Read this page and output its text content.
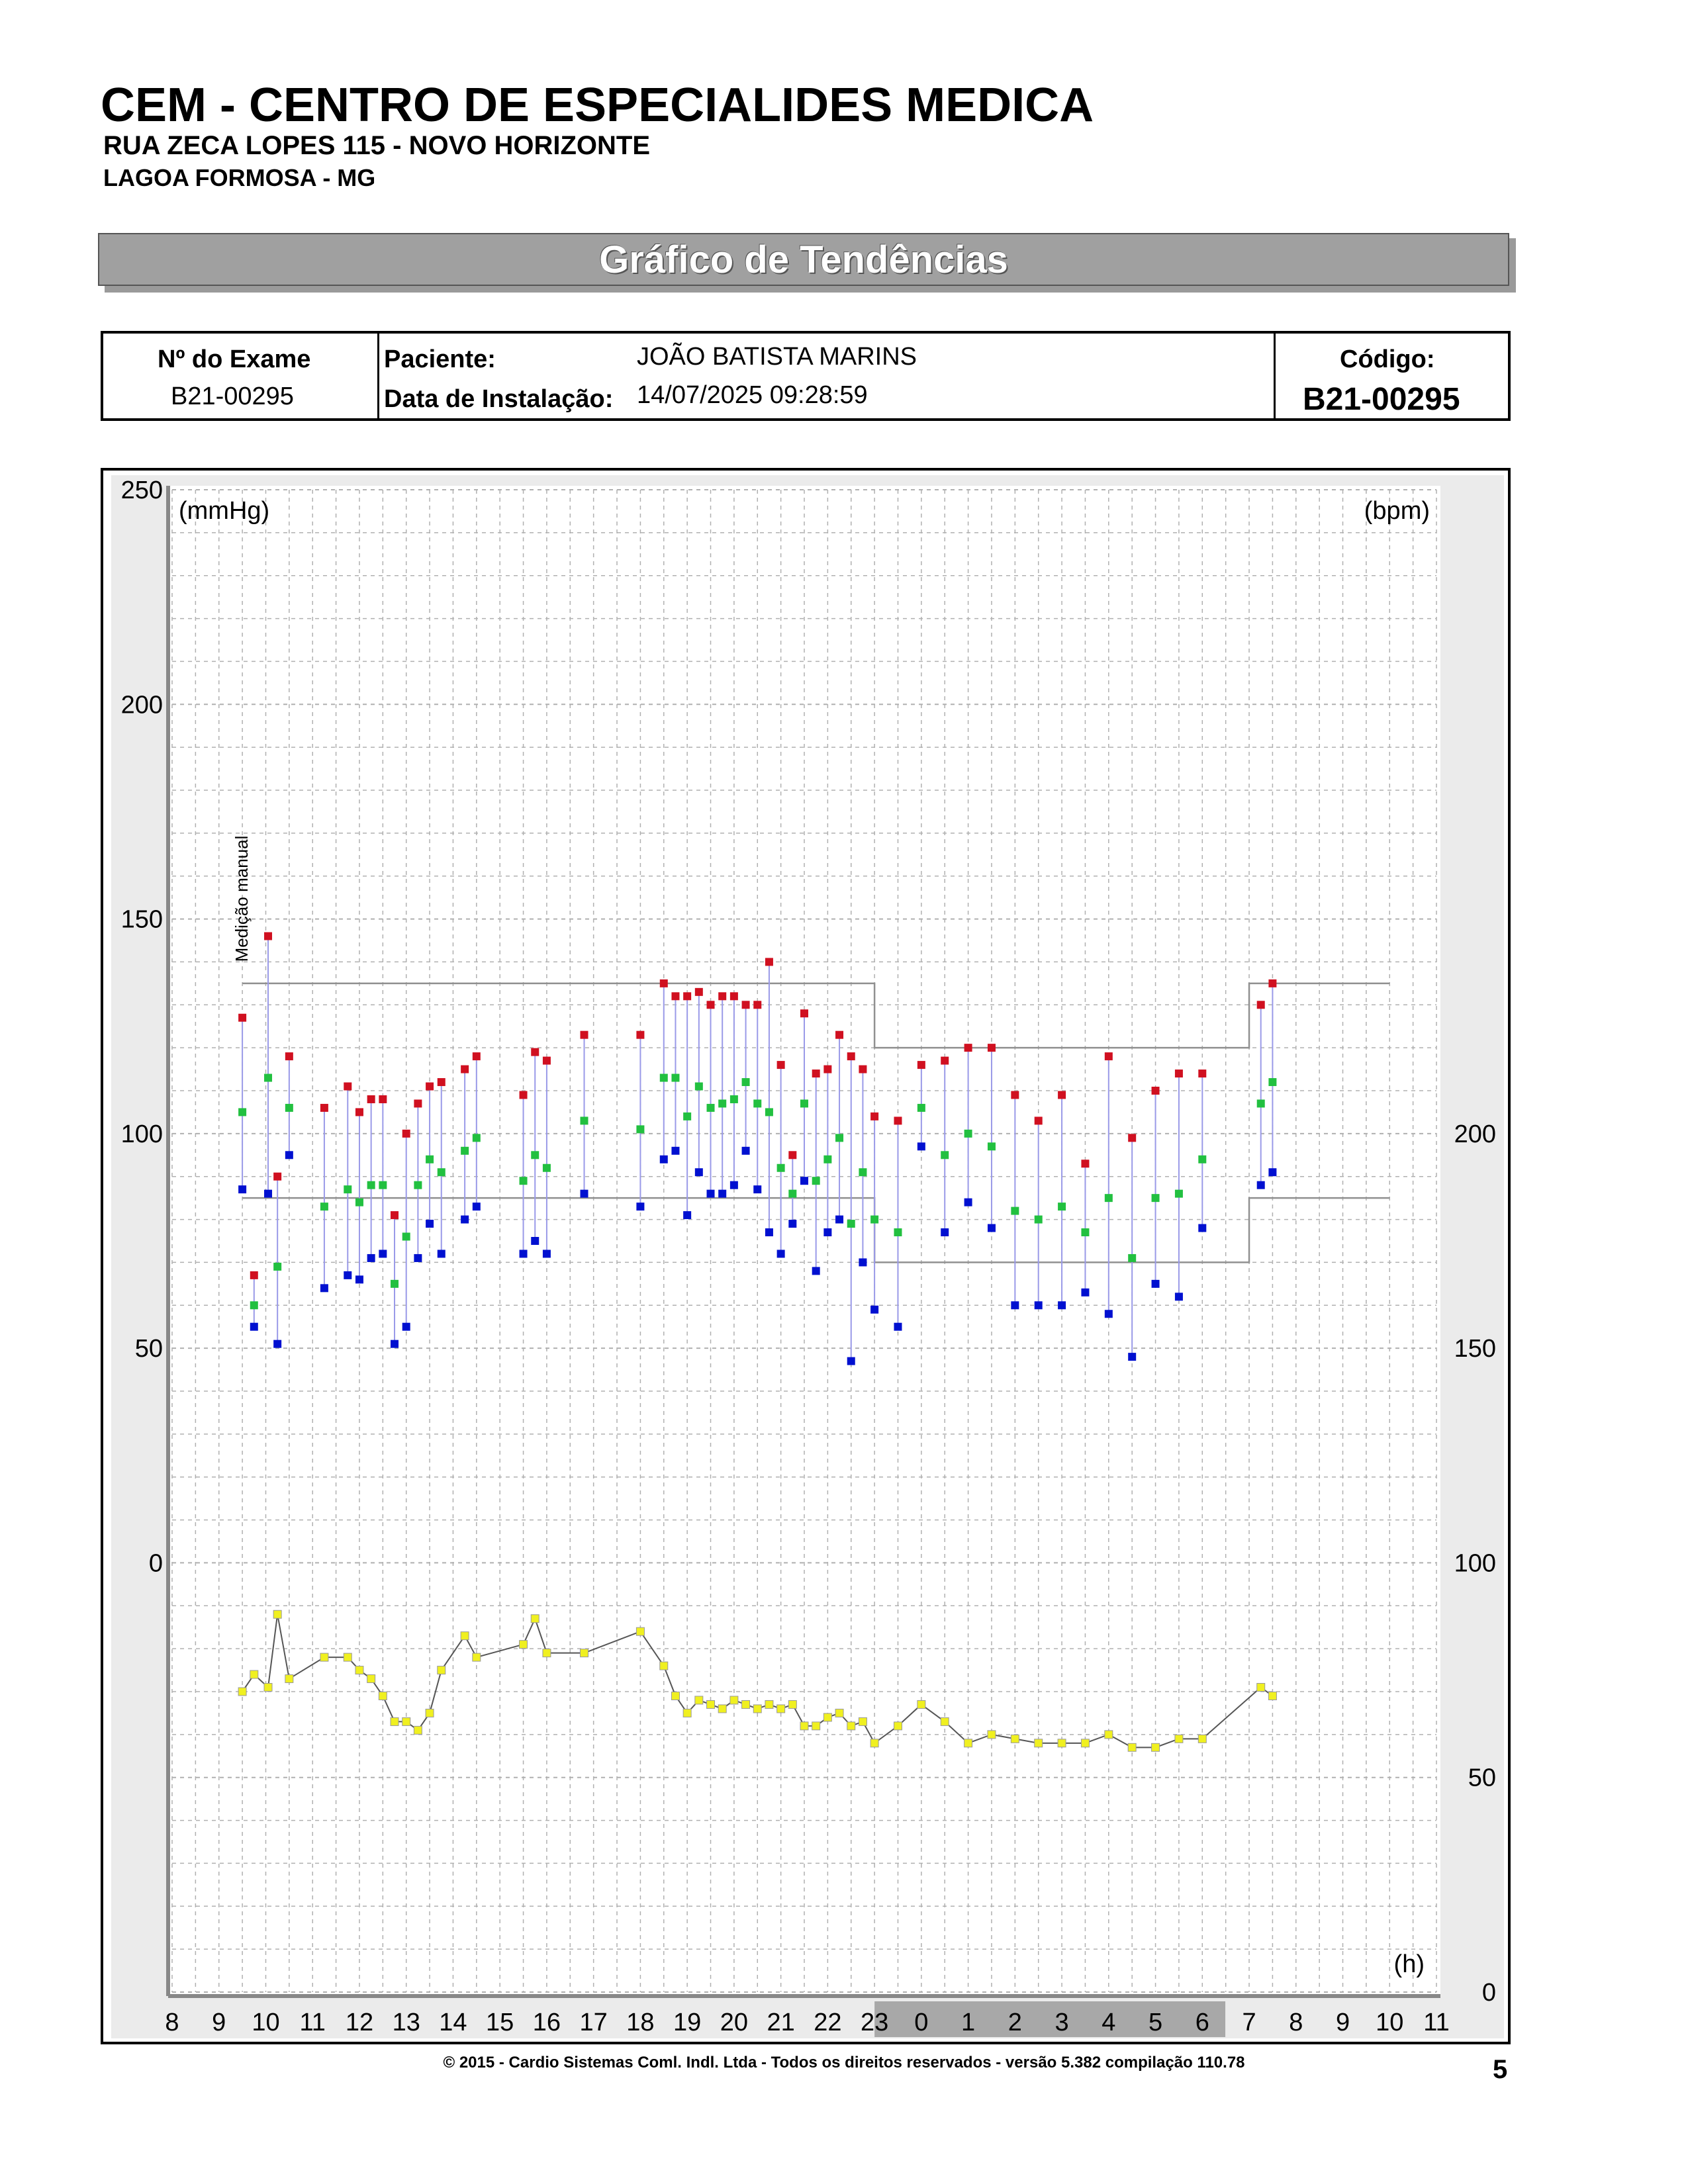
CEM - CENTRO DE ESPECIALIDES MEDICA
RUA ZECA LOPES 115 - NOVO HORIZONTE
LAGOA FORMOSA - MG
Gráfico de Tendências
Nº do Exame
B21-00295
Paciente:	JOÃO BATISTA MARINS
Data de Instalação: 14/07/2025 09:28:59
Código:
B21-00295
Medição manual
250
200
150
100
50
0
200
150
100
50
0
8 9 10 11 12 13 14 15 16 17 18 19 20 21 22 23 0 1 2 3 4 5 6 7 8 9 10 11
(mmHg)	(bpm)
(h)
© 2015 - Cardio Sistemas Coml. Indl. Ltda - Todos os direitos reservados - versão 5.382 compilação 110.78	5
